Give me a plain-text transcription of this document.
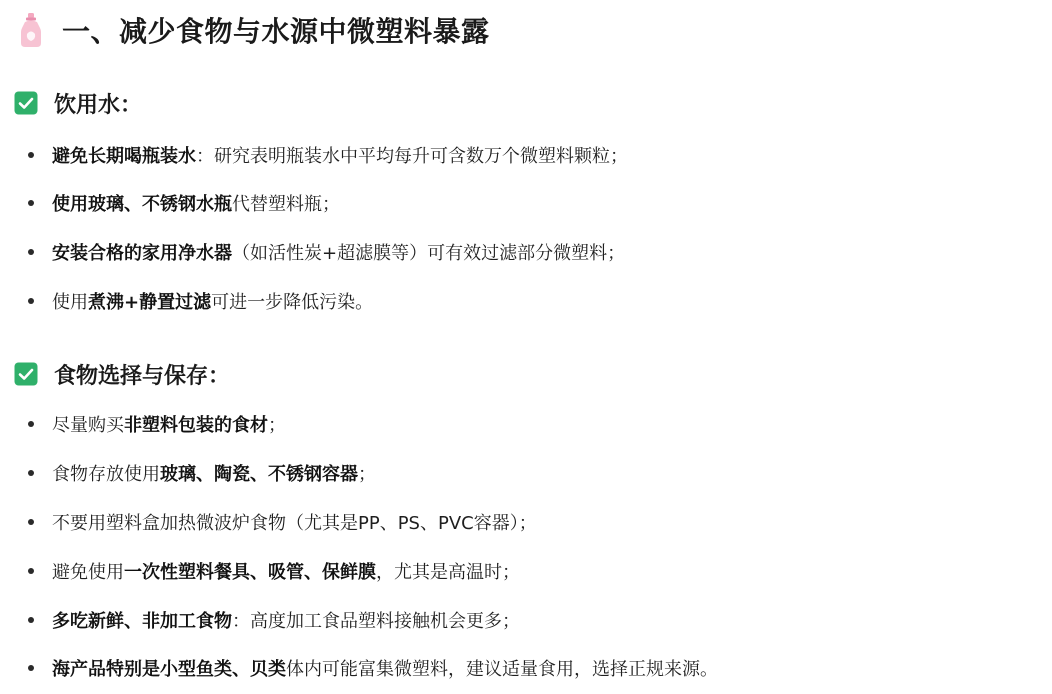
一、减少食物与水源中微塑料暴露
饮用水：
避免长期喝瓶装水 ：研究表明瓶装水中平均每升可含数万个微塑料颗粒；
使用玻璃、不锈钢水瓶 代替塑料瓶；
安装合格的家用净水器 （如活性炭+超滤膜等）可有效过滤部分微塑料；
使用 煮沸+静置过滤 可进一步降低污染。
食物选择与保存：
尽量购买 非塑料包装的食材 ；
食物存放使用 玻璃、陶瓷、不锈钢容器 ；
不要用塑料盒加热微波炉食物（尤其是PP、PS、PVC容器）；
避免使用 一次性塑料餐具、吸管、保鲜膜 ，尤其是高温时；
多吃新鲜、非加工食物 ：高度加工食品塑料接触机会更多；
海产品特别是小型鱼类、贝类 体内可能富集微塑料，建议适量食用，选择正规来源。
